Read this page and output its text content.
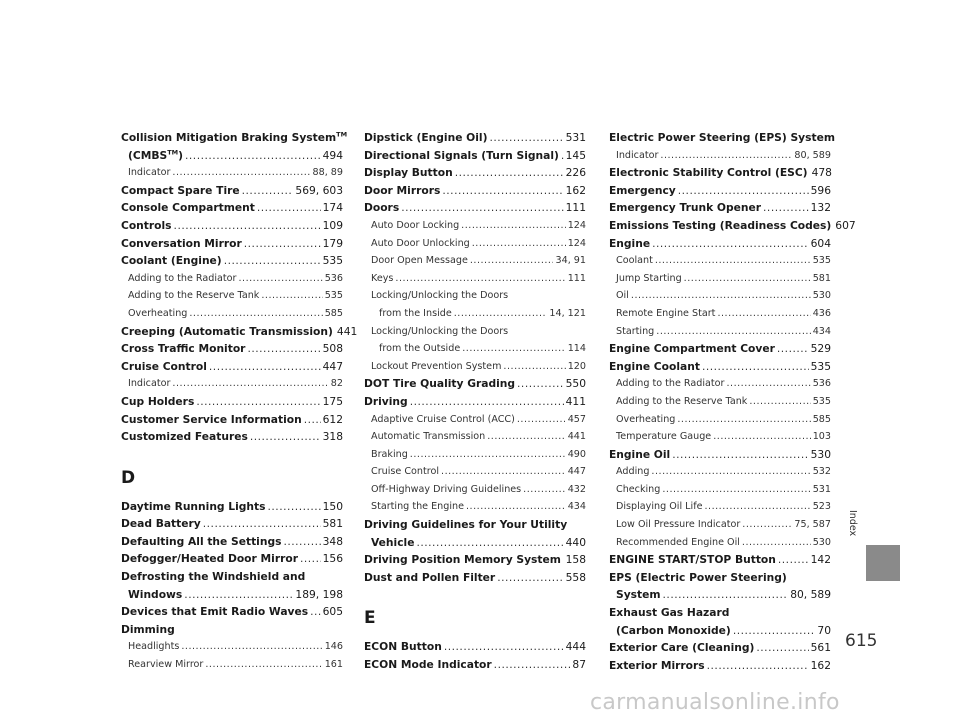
Collision Mitigation Braking System™
(CMBS™) .....	494
Indicator .....	88, 89
Compact Spare Tire .....	569, 603
Console Compartment .....	174
Controls .....	109
Conversation Mirror .....	179
Coolant (Engine) .....	535
Adding to the Radiator .....	536
Adding to the Reserve Tank .....	535
Overheating .....	585
Creeping (Automatic Transmission) 441
Cross Traffic Monitor .....	508
Cruise Control .....	447
Indicator .....	82
Cup Holders .....	175
Customer Service Information ..... 612
Customized Features .....	318
D
Daytime Running Lights .....	150
Dead Battery .....	581
Defaulting All the Settings .....	348
Defogger/Heated Door Mirror ..... 156
Defrosting the Windshield and
Windows .....	189, 198
Devices that Emit Radio Waves ..... 605
Dimming
Headlights .....	146
Rearview Mirror .....	161
Dipstick (Engine Oil) .....	531
Directional Signals (Turn Signal) ..... 145
Display Button .....	226
Door Mirrors .....	162
Doors .....	111
Auto Door Locking .....	124
Auto Door Unlocking .....	124
Door Open Message .....	34, 91
Keys .....	111
Locking/Unlocking the Doors
from the Inside .....	14, 121
Locking/Unlocking the Doors
from the Outside .....	114
Lockout Prevention System .....	120
DOT Tire Quality Grading .....	550
Driving .....	411
Adaptive Cruise Control (ACC) .....	457
Automatic Transmission .....	441
Braking .....	490
Cruise Control .....	447
Off-Highway Driving Guidelines .....	432
Starting the Engine .....	434
Driving Guidelines for Your Utility
Vehicle .....	440
Driving Position Memory System ..... 158
Dust and Pollen Filter .....	558
E
ECON Button .....	444
ECON Mode Indicator .....	87
Electric Power Steering (EPS) System
Indicator .....	80, 589
Electronic Stability Control (ESC) 478
Emergency .....	596
Emergency Trunk Opener .....	132
Emissions Testing (Readiness Codes) 607
Engine .....	604
Coolant .....	535
Jump Starting .....	581
Oil .....	530
Remote Engine Start .....	436
Starting .....	434
Engine Compartment Cover .....	529
Engine Coolant .....	535
Adding to the Radiator .....	536
Adding to the Reserve Tank .....	535
Overheating .....	585
Temperature Gauge .....	103
Engine Oil .....	530
Adding .....	532
Checking .....	531
Displaying Oil Life .....	523
Low Oil Pressure Indicator .....	75, 587
Recommended Engine Oil .....	530
ENGINE START/STOP Button .....	142
EPS (Electric Power Steering)
System .....	80, 589
Exhaust Gas Hazard
(Carbon Monoxide) .....	70
Exterior Care (Cleaning) .....	561
Exterior Mirrors .....	162
Index
615
carmanualsonline.info
